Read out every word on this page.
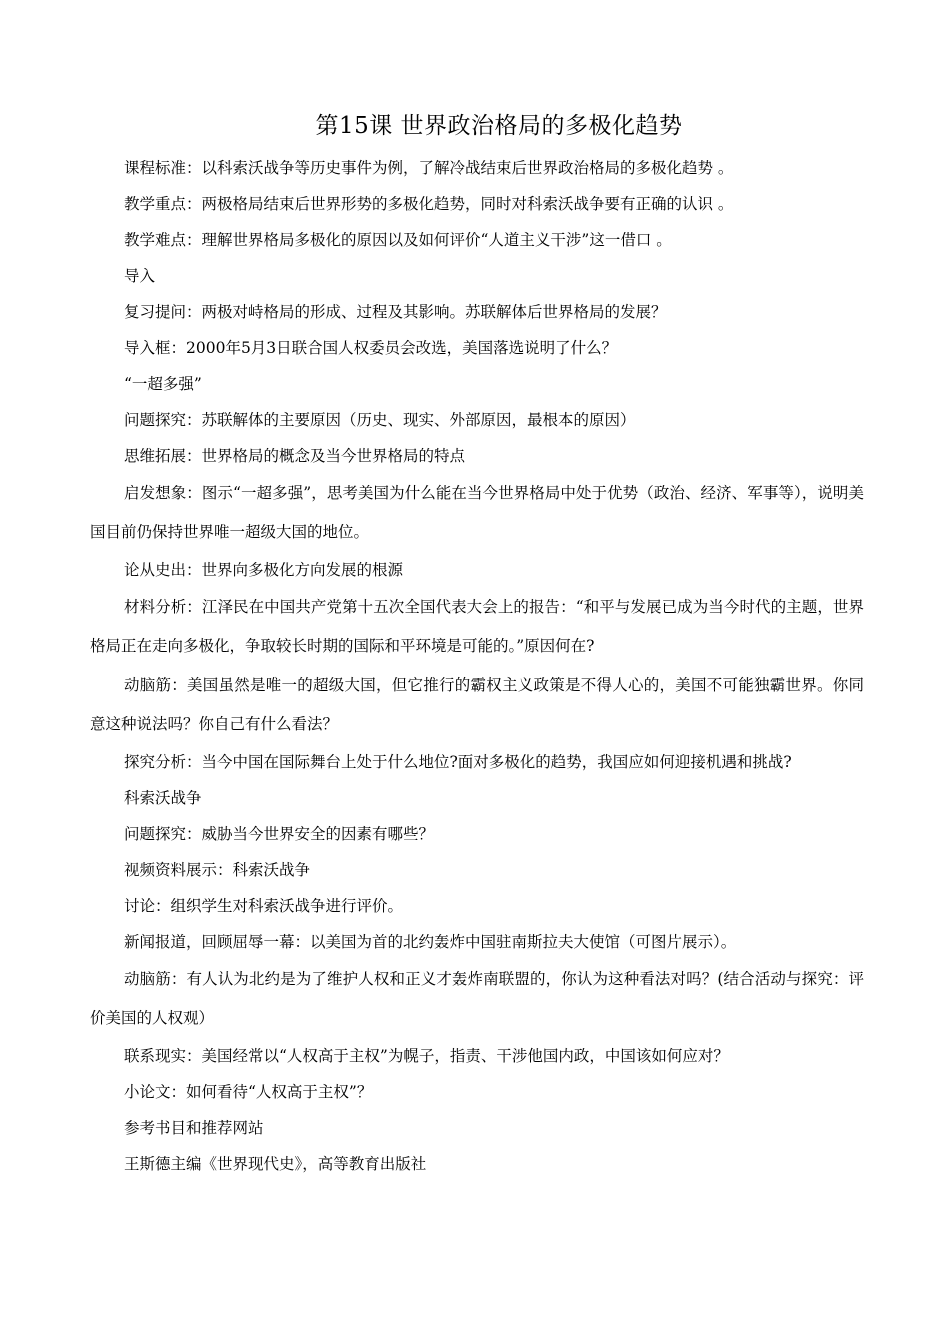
第15课 世界政治格局的多极化趋势

课程标准：以科索沃战争等历史事件为例，了解冷战结束后世界政治格局的多极化趋势 。

教学重点：两极格局结束后世界形势的多极化趋势，同时对科索沃战争要有正确的认识 。

教学难点：理解世界格局多极化的原因以及如何评价“人道主义干涉”这一借口 。

导入

复习提问：两极对峙格局的形成、过程及其影响。苏联解体后世界格局的发展？

导入框：2000年5月3日联合国人权委员会改选，美国落选说明了什么？

“一超多强”

问题探究：苏联解体的主要原因（历史、现实、外部原因，最根本的原因）

思维拓展：世界格局的概念及当今世界格局的特点

启发想象：图示“一超多强”，思考美国为什么能在当今世界格局中处于优势（政治、经济、军事等），说明美国目前仍保持世界唯一超级大国的地位。

论从史出：世界向多极化方向发展的根源

材料分析：江泽民在中国共产党第十五次全国代表大会上的报告：“和平与发展已成为当今时代的主题，世界格局正在走向多极化，争取较长时期的国际和平环境是可能的。”原因何在?

动脑筋：美国虽然是唯一的超级大国，但它推行的霸权主义政策是不得人心的，美国不可能独霸世界。你同意这种说法吗？你自己有什么看法？

探究分析：当今中国在国际舞台上处于什么地位?面对多极化的趋势，我国应如何迎接机遇和挑战?

科索沃战争

问题探究：威胁当今世界安全的因素有哪些？

视频资料展示：科索沃战争

讨论：组织学生对科索沃战争进行评价。

新闻报道，回顾屈辱一幕：以美国为首的北约轰炸中国驻南斯拉夫大使馆（可图片展示）。

动脑筋：有人认为北约是为了维护人权和正义才轰炸南联盟的，你认为这种看法对吗？(结合活动与探究：评价美国的人权观）

联系现实：美国经常以“人权高于主权”为幌子，指责、干涉他国内政，中国该如何应对？

小论文：如何看待“人权高于主权”？

参考书目和推荐网站

王斯德主编《世界现代史》，高等教育出版社
